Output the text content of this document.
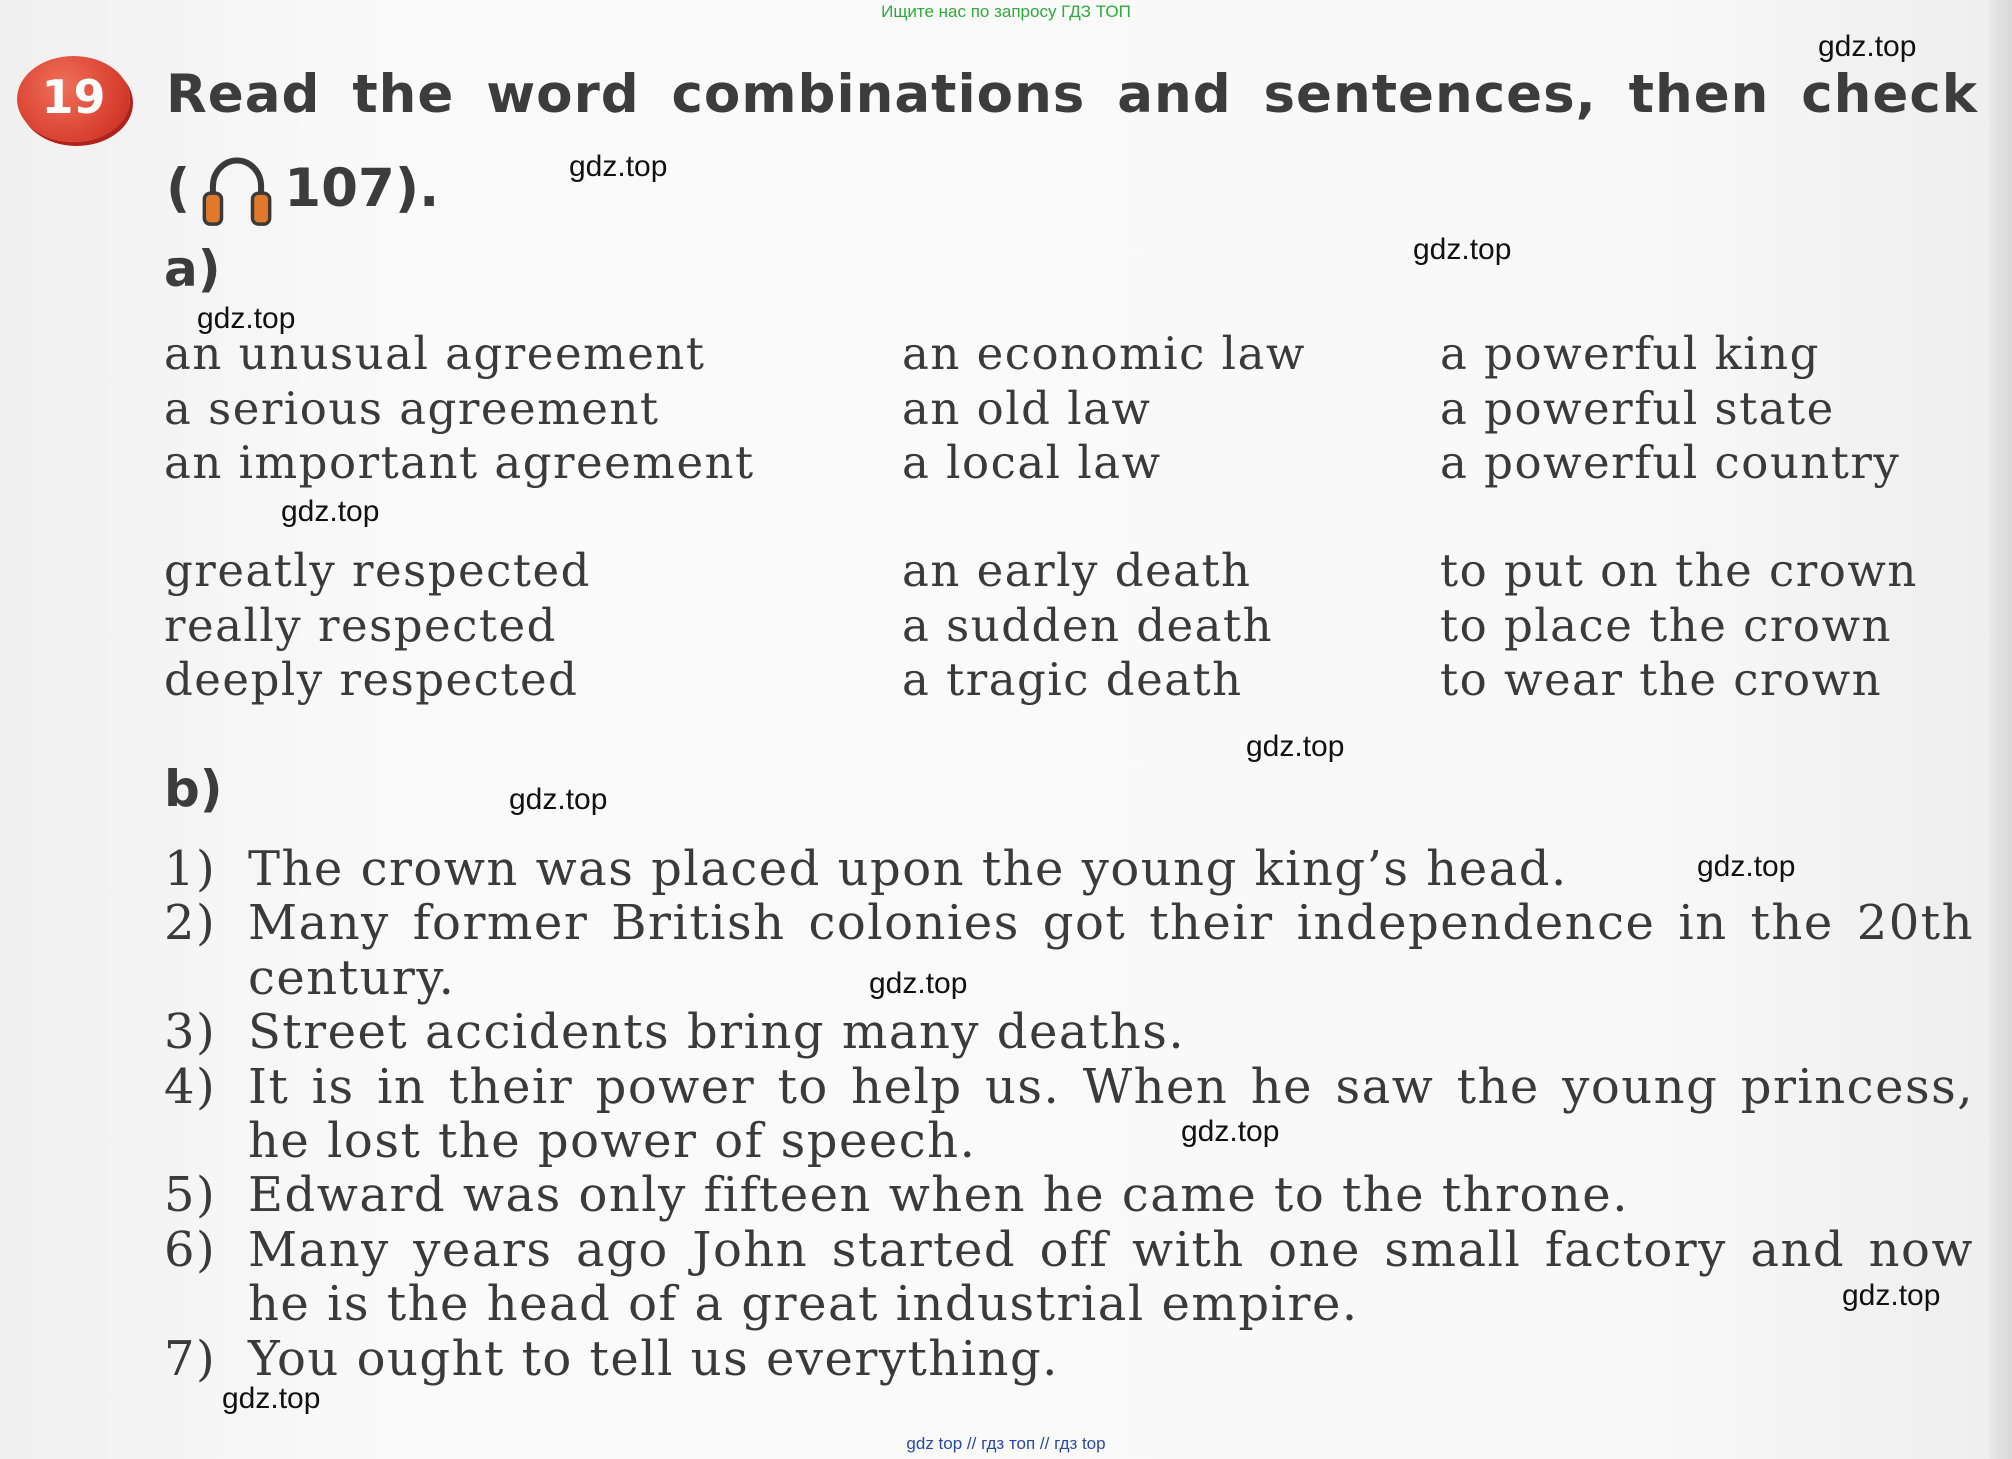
Ищите нас по запросу ГДЗ ТОП
19	Read the word combinations and sentences, then check
( 107).
a)
an unusual agreement
a serious agreement
an important agreement
an economic law
an old law
a local law
a powerful king
a powerful state
a powerful country
greatly respected
really respected
deeply respected
an early death
a sudden death
a tragic death
to put on the crown
to place the crown
to wear the crown
b)
1) The crown was placed upon the young king’s head.
2) Many former British colonies got their independence in the 20th
century.
3) Street accidents bring many deaths.
4) It is in their power to help us. When he saw the young princess,
he lost the power of speech.
5) Edward was only fifteen when he came to the throne.
6) Many years ago John started off with one small factory and now
he is the head of a great industrial empire.
7) You ought to tell us everything.
gdz.top
gdz.top
gdz.top
gdz.top
gdz.top
gdz.top
gdz.top
gdz.top
gdz.top
gdz.top
gdz.top
gdz.top
gdz top // гдз топ // гдз top
